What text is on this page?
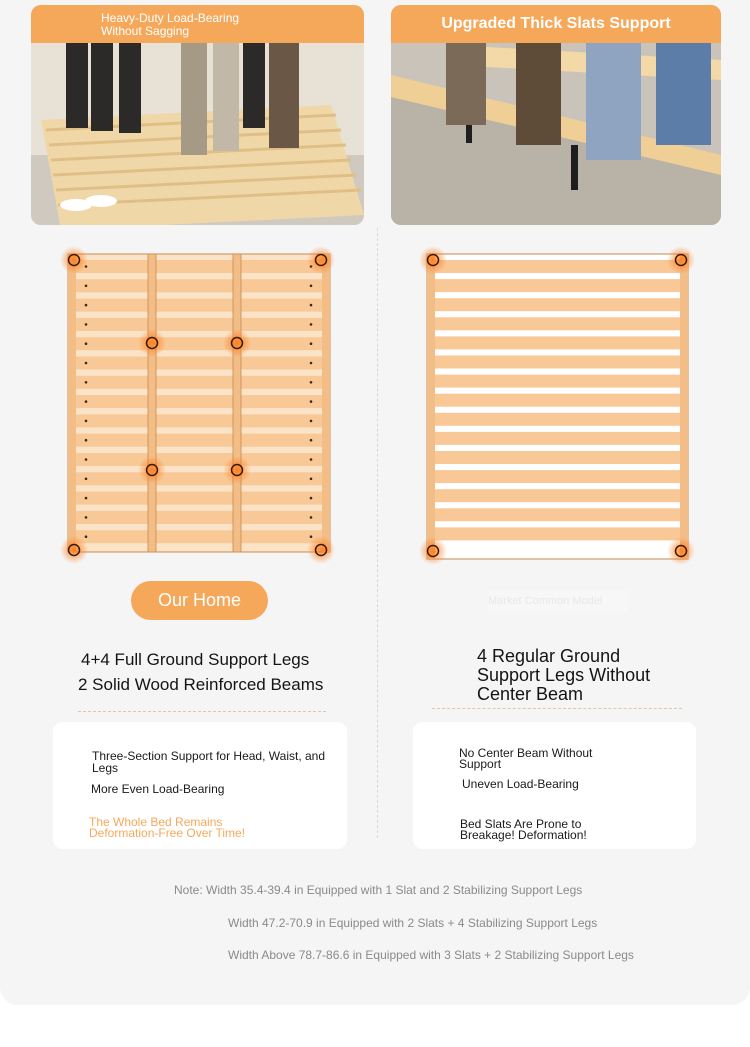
Heavy-Duty Load-Bearing
Without Sagging	Upgraded Thick Slats Support
Our Home	Market Common Model
4+4 Full Ground Support Legs
2 Solid Wood Reinforced Beams
4 Regular Ground Support Legs Without Center Beam
Three-Section Support for Head, Waist, and Legs
More Even Load-Bearing
The Whole Bed Remains Deformation-Free Over Time!
No Center Beam Without Support
Uneven Load-Bearing
Bed Slats Are Prone to Breakage! Deformation!
Note: Width 35.4-39.4 in Equipped with 1 Slat and 2 Stabilizing Support Legs
Width 47.2-70.9 in Equipped with 2 Slats + 4 Stabilizing Support Legs
Width Above 78.7-86.6 in Equipped with 3 Slats + 2 Stabilizing Support Legs
